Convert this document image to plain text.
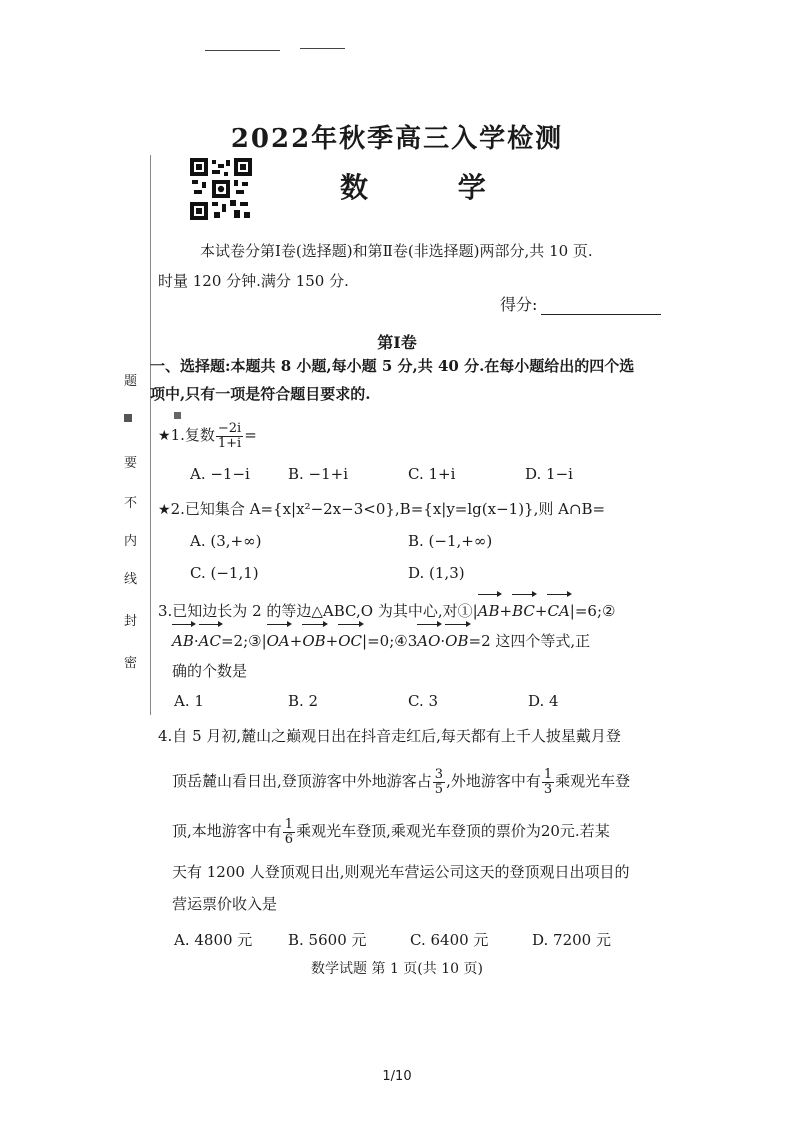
2022年秋季高三入学检测
数 学
本试卷分第Ⅰ卷(选择题)和第Ⅱ卷(非选择题)两部分,共 10 页.
时量 120 分钟.满分 150 分.
得分:
第Ⅰ卷
一、选择题:本题共 8 小题,每小题 5 分,共 40 分.在每小题给出的四个选
项中,只有一项是符合题目要求的.
题
要
不
内
线
封
密
★1.复数 $\frac{-2i}{1+i}$ =
A. −1−i	B. −1+i	C. 1+i	D. 1−i
★2.已知集合 A={x|x²−2x−3<0},B={x|y=lg(x−1)},则 A∩B=
A. (3,+∞)	B. (−1,+∞)
C. (−1,1)	D. (1,3)
3.已知边长为 2 的等边△ABC,O 为其中心,对①|AB+BC+CA|=6;②
AB·AC=2;③|OA+OB+OC|=0;④3AO·OB=2 这四个等式,正
确的个数是
A. 1	B. 2	C. 3	D. 4
4.自 5 月初,麓山之巅观日出在抖音走红后,每天都有上千人披星戴月登
顶岳麓山看日出,登顶游客中外地游客占 $\frac{3}{5}$ ,外地游客中有 $\frac{1}{3}$ 乘观光车登
顶,本地游客中有 $\frac{1}{6}$ 乘观光车登顶,乘观光车登顶的票价为20元.若某
天有 1200 人登顶观日出,则观光车营运公司这天的登顶观日出项目的
营运票价收入是
A. 4800 元 B. 5600 元	C. 6400 元	D. 7200 元
数学试题 第 1 页(共 10 页)
1/10
